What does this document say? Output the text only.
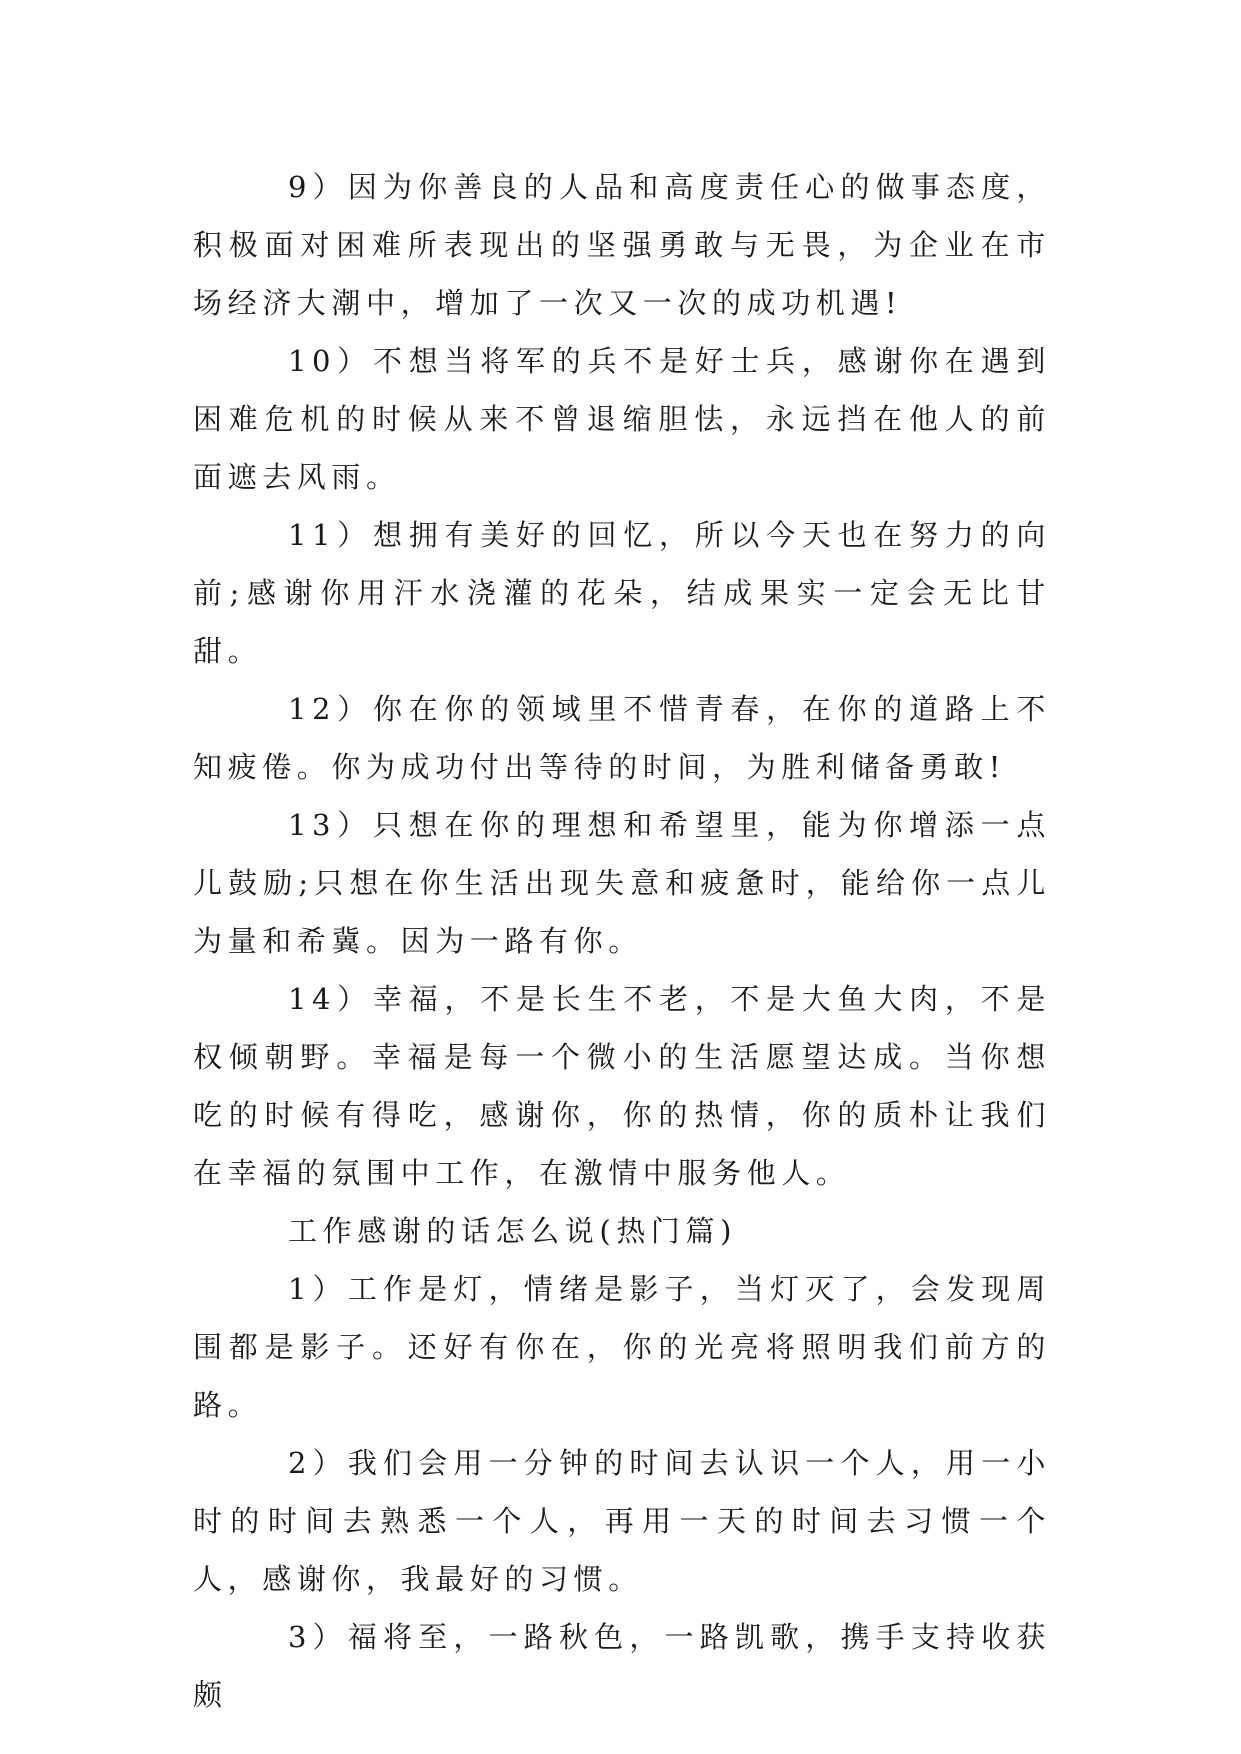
9）因为你善良的人品和高度责任心的做事态度，积极面对困难所表现出的坚强勇敢与无畏，为企业在市场经济大潮中，增加了一次又一次的成功机遇!

10）不想当将军的兵不是好士兵，感谢你在遇到困难危机的时候从来不曾退缩胆怯，永远挡在他人的前面遮去风雨。

11）想拥有美好的回忆，所以今天也在努力的向前;感谢你用汗水浇灌的花朵，结成果实一定会无比甘甜。

12）你在你的领域里不惜青春，在你的道路上不知疲倦。你为成功付出等待的时间，为胜利储备勇敢!

13）只想在你的理想和希望里，能为你增添一点儿鼓励;只想在你生活出现失意和疲惫时，能给你一点儿为量和希冀。因为一路有你。

14）幸福，不是长生不老，不是大鱼大肉，不是权倾朝野。幸福是每一个微小的生活愿望达成。当你想吃的时候有得吃，感谢你，你的热情，你的质朴让我们在幸福的氛围中工作，在激情中服务他人。

工作感谢的话怎么说(热门篇)

1）工作是灯，情绪是影子，当灯灭了，会发现周围都是影子。还好有你在，你的光亮将照明我们前方的路。

2）我们会用一分钟的时间去认识一个人，用一小时的时间去熟悉一个人，再用一天的时间去习惯一个人，感谢你，我最好的习惯。

3）福将至，一路秋色，一路凯歌，携手支持收获颇
